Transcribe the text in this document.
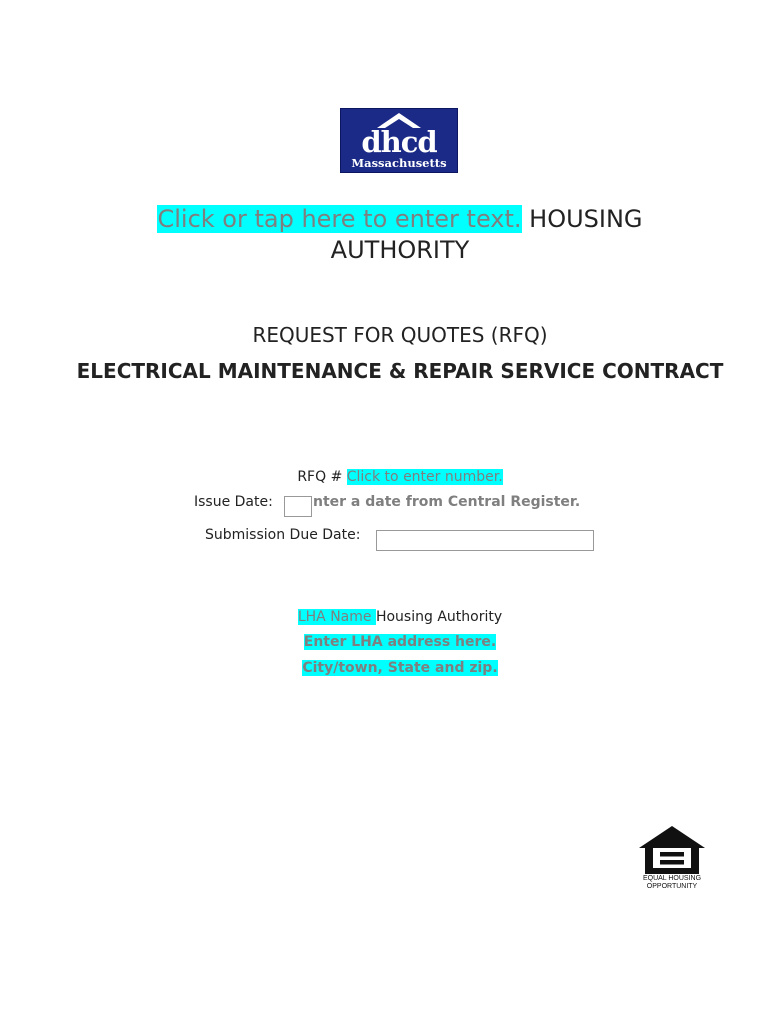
dhcd
Massachusetts
Click or tap here to enter text. HOUSING AUTHORITY
REQUEST FOR QUOTES (RFQ)
ELECTRICAL MAINTENANCE & REPAIR SERVICE CONTRACT
RFQ # Click to enter number.
Issue Date:	nter a date from Central Register.
Submission Due Date:
LHA Name Housing Authority
Enter LHA address here.
City/town, State and zip.
EQUAL HOUSING
OPPORTUNITY
